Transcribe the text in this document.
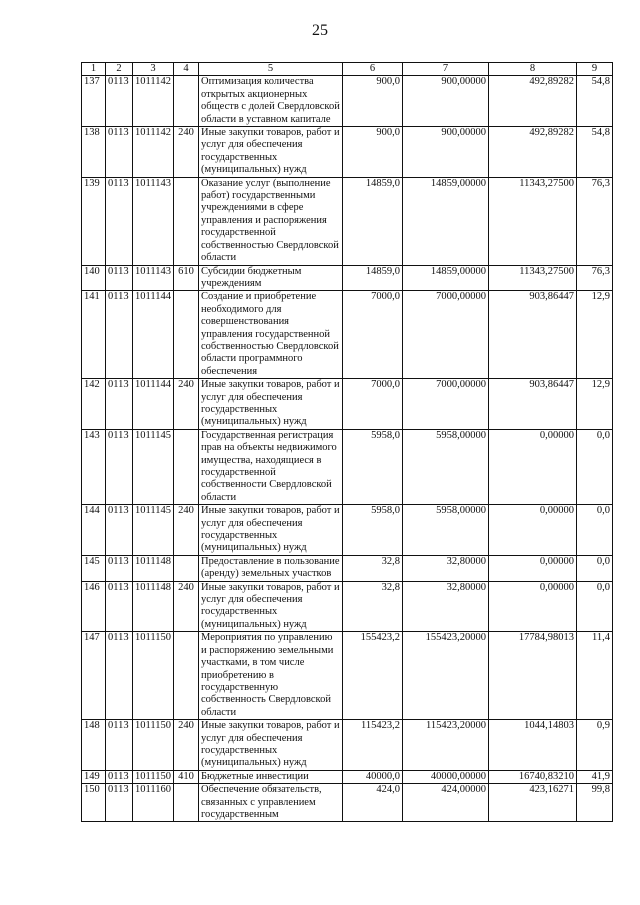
25
1	2	3	4	5	6	7	8	9
137	0113	1011142		Оптимизация количества открытых акционерных обществ с долей Свердловской области в уставном капитале	900,0	900,00000	492,89282	54,8
138	0113	1011142	240	Иные закупки товаров, работ и услуг для обеспечения государственных (муниципальных) нужд	900,0	900,00000	492,89282	54,8
139	0113	1011143		Оказание услуг (выполнение работ) государственными учреждениями в сфере управления и распоряжения государственной собственностью Свердловской области	14859,0	14859,00000	11343,27500	76,3
140	0113	1011143	610	Субсидии бюджетным учреждениям	14859,0	14859,00000	11343,27500	76,3
141	0113	1011144		Создание и приобретение необходимого для совершенствования управления государственной собственностью Свердловской области программного обеспечения	7000,0	7000,00000	903,86447	12,9
142	0113	1011144	240	Иные закупки товаров, работ и услуг для обеспечения государственных (муниципальных) нужд	7000,0	7000,00000	903,86447	12,9
143	0113	1011145		Государственная регистрация прав на объекты недвижимого имущества, находящиеся в государственной собственности Свердловской области	5958,0	5958,00000	0,00000	0,0
144	0113	1011145	240	Иные закупки товаров, работ и услуг для обеспечения государственных (муниципальных) нужд	5958,0	5958,00000	0,00000	0,0
145	0113	1011148		Предоставление в пользование (аренду) земельных участков	32,8	32,80000	0,00000	0,0
146	0113	1011148	240	Иные закупки товаров, работ и услуг для обеспечения государственных (муниципальных) нужд	32,8	32,80000	0,00000	0,0
147	0113	1011150		Мероприятия по управлению и распоряжению земельными участками, в том числе приобретению в государственную собственность Свердловской области	155423,2	155423,20000	17784,98013	11,4
148	0113	1011150	240	Иные закупки товаров, работ и услуг для обеспечения государственных (муниципальных) нужд	115423,2	115423,20000	1044,14803	0,9
149	0113	1011150	410	Бюджетные инвестиции	40000,0	40000,00000	16740,83210	41,9
150	0113	1011160		Обеспечение обязательств, связанных с управлением государственным	424,0	424,00000	423,16271	99,8
